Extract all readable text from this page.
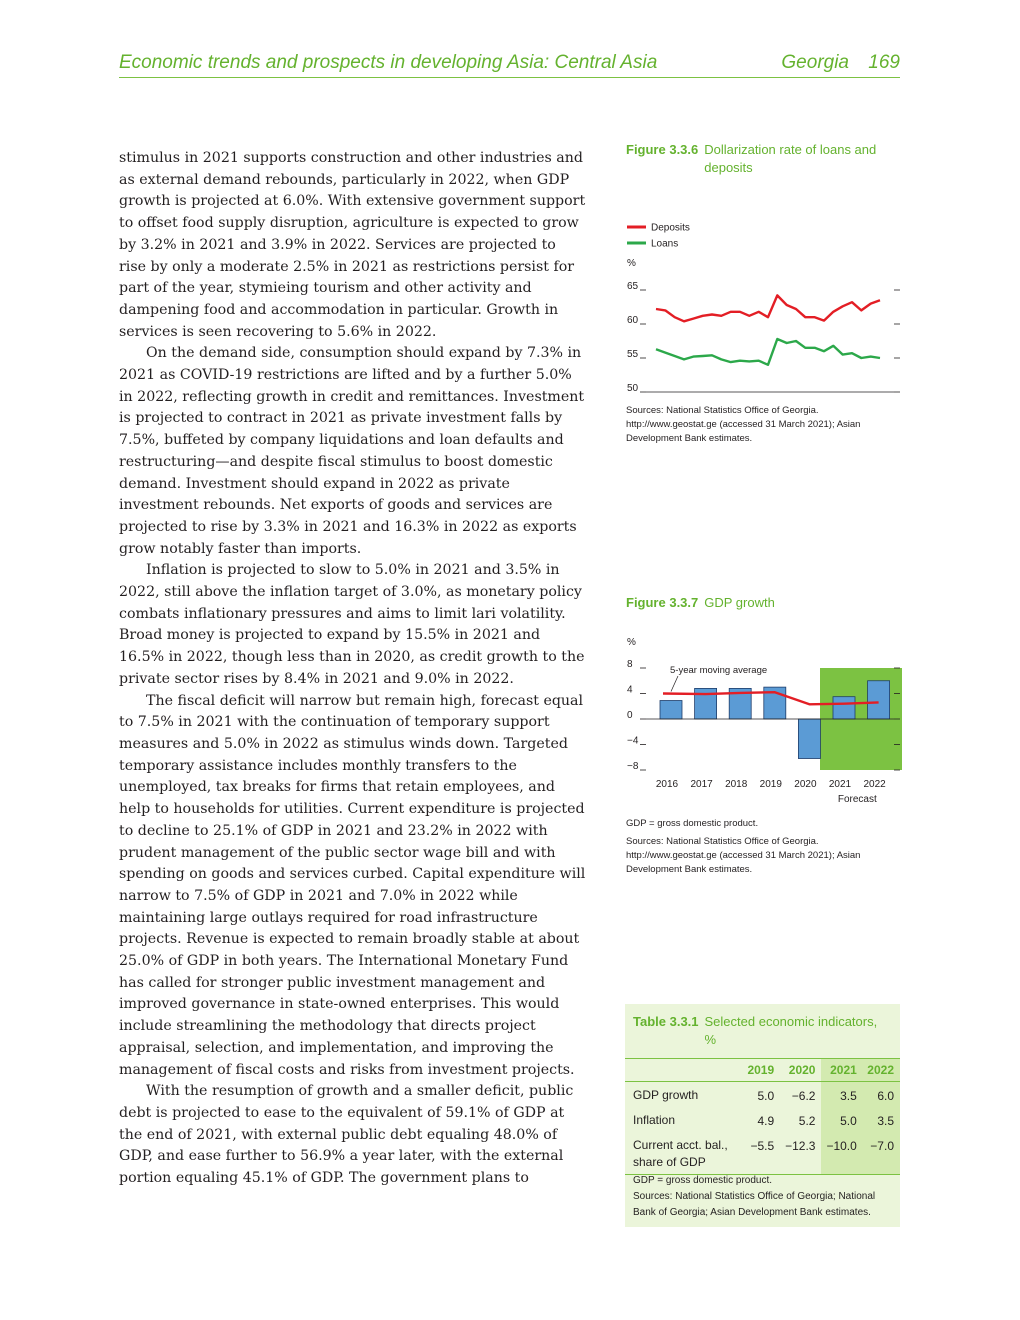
Economic trends and prospects in developing Asia: Central Asia	Georgia 169

stimulus in 2021 supports construction and other industries and as external demand rebounds, particularly in 2022, when GDP growth is projected at 6.0%. With extensive government support to offset food supply disruption, agriculture is expected to grow by 3.2% in 2021 and 3.9% in 2022. Services are projected to rise by only a moderate 2.5% in 2021 as restrictions persist for part of the year, stymieing tourism and other activity and dampening food and accommodation in particular. Growth in services is seen recovering to 5.6% in 2022.

On the demand side, consumption should expand by 7.3% in 2021 as COVID-19 restrictions are lifted and by a further 5.0% in 2022, reflecting growth in credit and remittances. Investment is projected to contract in 2021 as private investment falls by 7.5%, buffeted by company liquidations and loan defaults and restructuring—and despite fiscal stimulus to boost domestic demand. Investment should expand in 2022 as private investment rebounds. Net exports of goods and services are projected to rise by 3.3% in 2021 and 16.3% in 2022 as exports grow notably faster than imports.

Inflation is projected to slow to 5.0% in 2021 and 3.5% in 2022, still above the inflation target of 3.0%, as monetary policy combats inflationary pressures and aims to limit lari volatility. Broad money is projected to expand by 15.5% in 2021 and 16.5% in 2022, though less than in 2020, as credit growth to the private sector rises by 8.4% in 2021 and 9.0% in 2022.

The fiscal deficit will narrow but remain high, forecast equal to 7.5% in 2021 with the continuation of temporary support measures and 5.0% in 2022 as stimulus winds down. Targeted temporary assistance includes monthly transfers to the unemployed, tax breaks for firms that retain employees, and help to households for utilities. Current expenditure is projected to decline to 25.1% of GDP in 2021 and 23.2% in 2022 with prudent management of the public sector wage bill and with spending on goods and services curbed. Capital expenditure will narrow to 7.5% of GDP in 2021 and 7.0% in 2022 while maintaining large outlays required for road infrastructure projects. Revenue is expected to remain broadly stable at about 25.0% of GDP in both years. The International Monetary Fund has called for stronger public investment management and improved governance in state-owned enterprises. This would include streamlining the methodology that directs project appraisal, selection, and implementation, and improving the management of fiscal costs and risks from investment projects.

With the resumption of growth and a smaller deficit, public debt is projected to ease to the equivalent of 59.1% of GDP at the end of 2021, with external public debt equaling 48.0% of GDP, and ease further to 56.9% a year later, with the external portion equaling 45.1% of GDP. The government plans to

Figure 3.3.6 Dollarization rate of loans and deposits
Deposits
Loans
%
50
55
60
65
Sources: National Statistics Office of Georgia. http://www.geostat.ge (accessed 31 March 2021); Asian Development Bank estimates.
Figure 3.3.7 GDP growth
%
−8
−4
0
4
8
5-year moving average
2016 2017 2018 2019 2020 2021 2022
Forecast
GDP = gross domestic product.
Sources: National Statistics Office of Georgia. http://www.geostat.ge (accessed 31 March 2021); Asian Development Bank estimates.
Table 3.3.1 Selected economic indicators, %
	2019	2020	2021	2022
GDP growth	5.0	−6.2	3.5	6.0
Inflation	4.9	5.2	5.0	3.5
Current acct. bal., share of GDP	−5.5	−12.3	−10.0	−7.0
GDP = gross domestic product.
Sources: National Statistics Office of Georgia; National Bank of Georgia; Asian Development Bank estimates.
